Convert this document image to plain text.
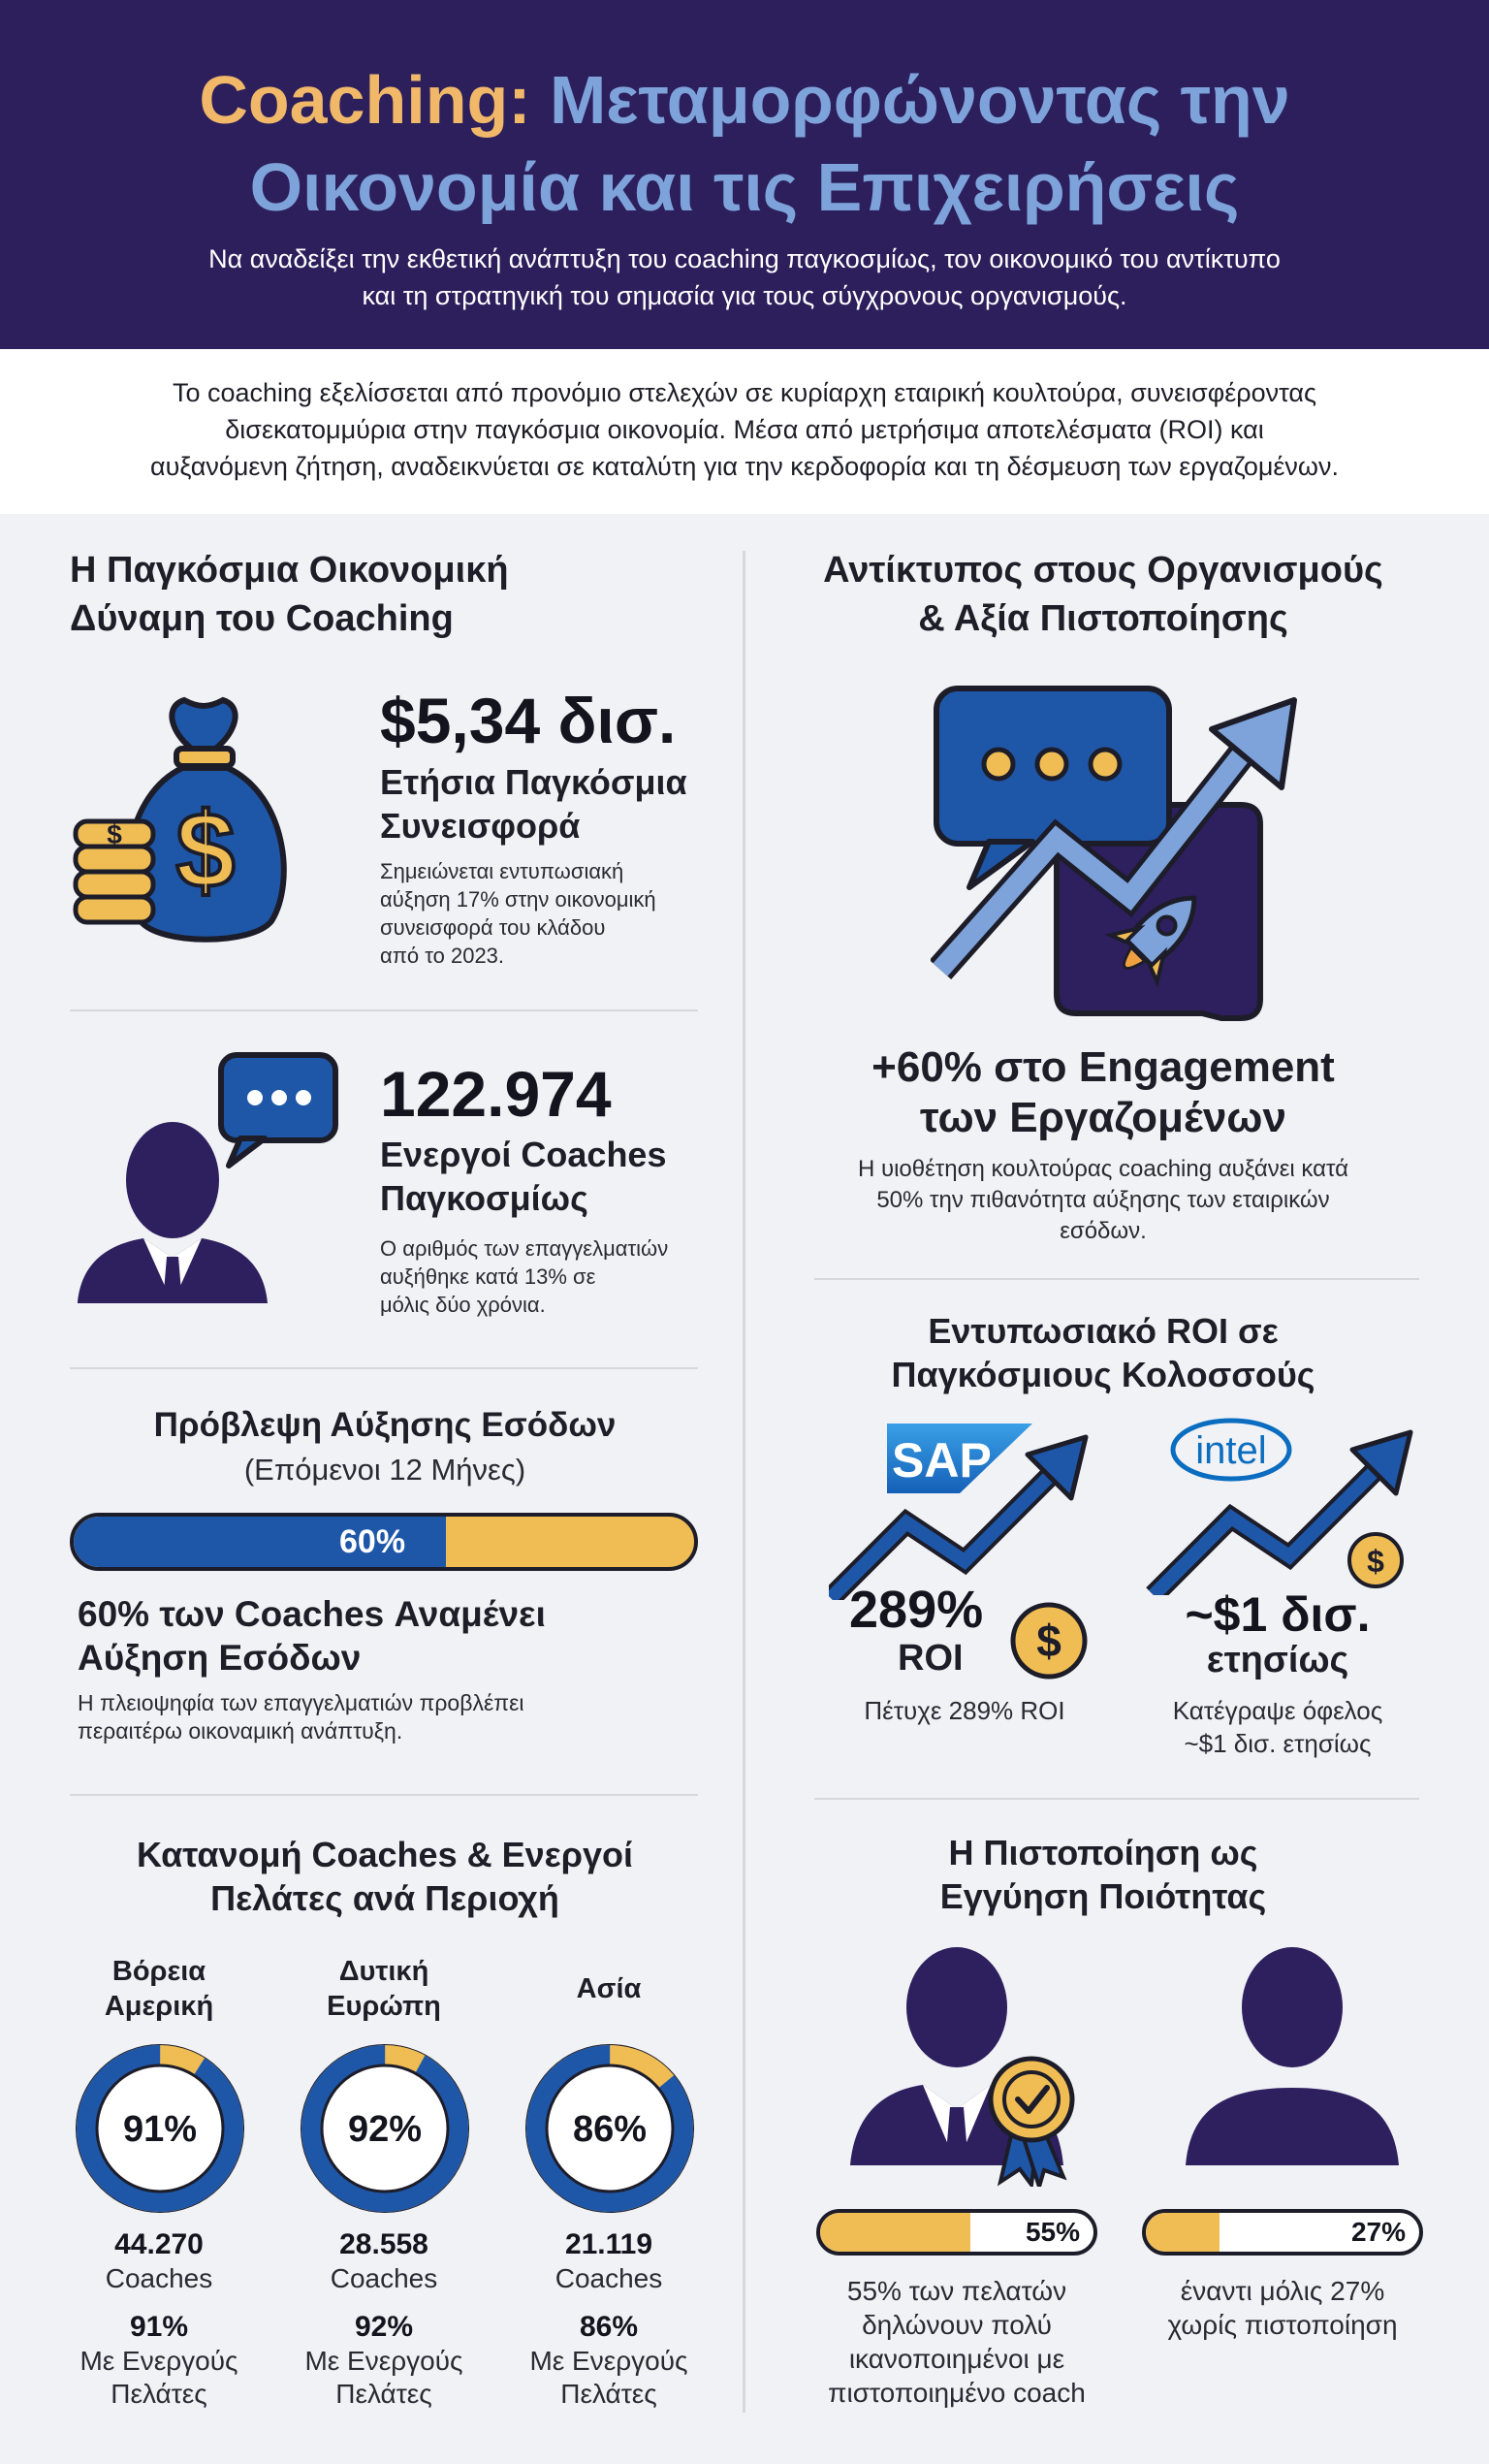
Coaching: Μεταμορφώνοντας την
Οικονομία και τις Επιχειρήσεις
Να αναδείξει την εκθετική ανάπτυξη του coaching παγκοσμίως, τον οικονομικό του αντίκτυπο
και τη στρατηγική του σημασία για τους σύγχρονους οργανισμούς.
Το coaching εξελίσσεται από προνόμιο στελεχών σε κυρίαρχη εταιρική κουλτούρα, συνεισφέροντας
δισεκατομμύρια στην παγκόσμια οικονομία. Μέσα από μετρήσιμα αποτελέσματα (ROI) και
αυξανόμενη ζήτηση, αναδεικνύεται σε καταλύτη για την κερδοφορία και τη δέσμευση των εργαζομένων.
Η Παγκόσμια Οικονομική
Δύναμη του Coaching
$
$
$5,34 δισ.
Ετήσια Παγκόσμια
Συνεισφορά
Σημειώνεται εντυπωσιακή
αύξηση 17% στην οικονομική
συνεισφορά του κλάδου
από το 2023.
122.974
Ενεργοί Coaches
Παγκοσμίως
Ο αριθμός των επαγγελματιών
αυξήθηκε κατά 13% σε
μόλις δύο χρόνια.
Πρόβλεψη Αύξησης Εσόδων
(Επόμενοι 12 Μήνες)
60%
60% των Coaches Αναμένει
Αύξηση Εσόδων
Η πλειοψηφία των επαγγελματιών προβλέπει
περαιτέρω οικοναμική ανάπτυξη.
Κατανομή Coaches & Ενεργοί
Πελάτες ανά Περιοχή
Βόρεια
Αμερική
91%
44.270
Coaches
91%
Με Ενεργούς
Πελάτες
Δυτική
Ευρώπη
92%
28.558
Coaches
92%
Με Ενεργούς
Πελάτες
Ασία
86%
21.119
Coaches
86%
Με Ενεργούς
Πελάτες
Αντίκτυπος στους Οργανισμούς
& Αξία Πιστοποίησης
+60% στο Engagement
των Εργαζομένων
Η υιοθέτηση κουλτούρας coaching αυξάνει κατά
50% την πιθανότητα αύξησης των εταιρικών
εσόδων.
Εντυπωσιακό ROI σε
Παγκόσμιους Κολοσσούς
SAP
289%
ROI $
Πέτυχε 289% ROI
intel
$
~$1 δισ.
ετησίως
Κατέγραψε όφελος
~$1 δισ. ετησίως
Η Πιστοποίηση ως
Εγγύηση Ποιότητας
55%	27%
55% των πελατών
δηλώνουν πολύ
ικανοποιημένοι με
πιστοποιημένο coach
έναντι μόλις 27%
χωρίς πιστοποίηση
